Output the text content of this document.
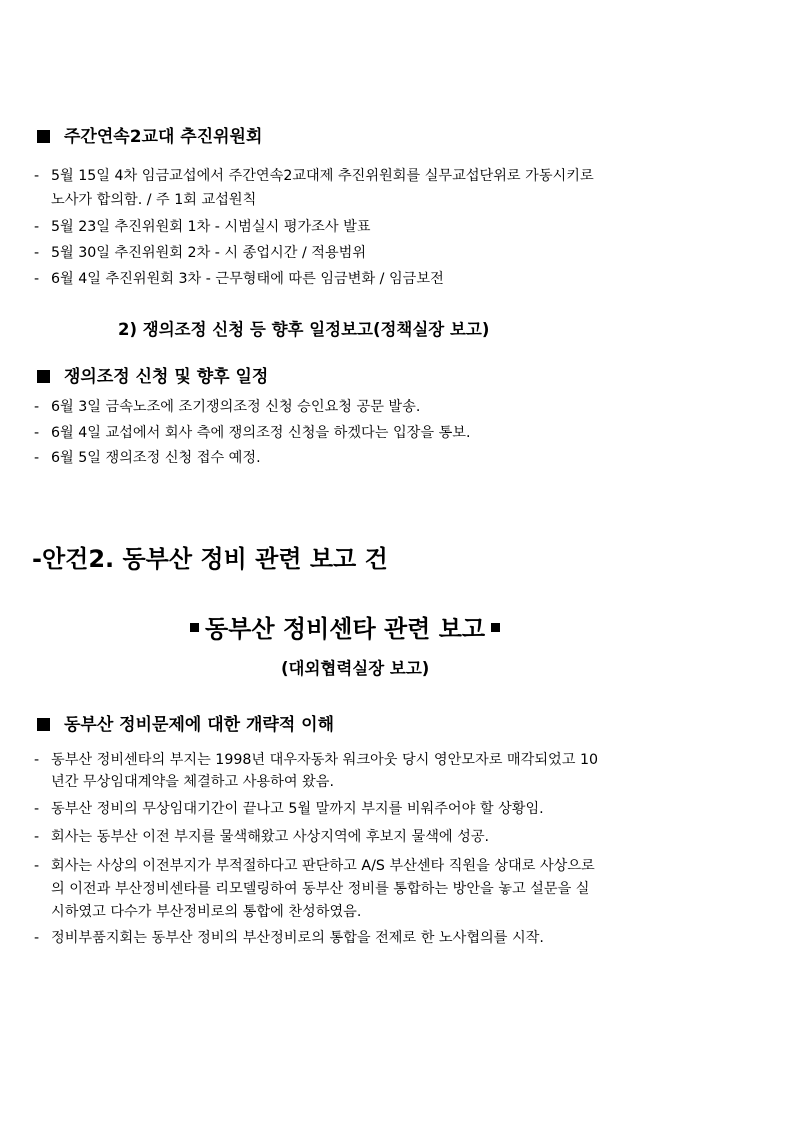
주간연속2교대 추진위원회
- 5월 15일 4차 임금교섭에서 주간연속2교대제 추진위원회를 실무교섭단위로 가동시키로
노사가 합의함. / 주 1회 교섭원칙
- 5월 23일 추진위원회 1차 - 시범실시 평가조사 발표
- 5월 30일 추진위원회 2차 - 시 종업시간 / 적용범위
- 6월 4일 추진위원회 3차 - 근무형태에 따른 임금변화 / 임금보전
2) 쟁의조정 신청 등 향후 일정보고(정책실장 보고)
쟁의조정 신청 및 향후 일정
- 6월 3일 금속노조에 조기쟁의조정 신청 승인요청 공문 발송.
- 6월 4일 교섭에서 회사 측에 쟁의조정 신청을 하겠다는 입장을 통보.
- 6월 5일 쟁의조정 신청 접수 예정.
-안건2. 동부산 정비 관련 보고 건
동부산 정비센타 관련 보고
(대외협력실장 보고)
동부산 정비문제에 대한 개략적 이해
- 동부산 정비센타의 부지는 1998년 대우자동차 워크아웃 당시 영안모자로 매각되었고 10
년간 무상임대계약을 체결하고 사용하여 왔음.
- 동부산 정비의 무상임대기간이 끝나고 5월 말까지 부지를 비워주어야 할 상황임.
- 회사는 동부산 이전 부지를 물색해왔고 사상지역에 후보지 물색에 성공.
- 회사는 사상의 이전부지가 부적절하다고 판단하고 A/S 부산센타 직원을 상대로 사상으로
의 이전과 부산정비센타를 리모델링하여 동부산 정비를 통합하는 방안을 놓고 설문을 실
시하였고 다수가 부산정비로의 통합에 찬성하였음.
- 정비부품지회는 동부산 정비의 부산정비로의 통합을 전제로 한 노사협의를 시작.
